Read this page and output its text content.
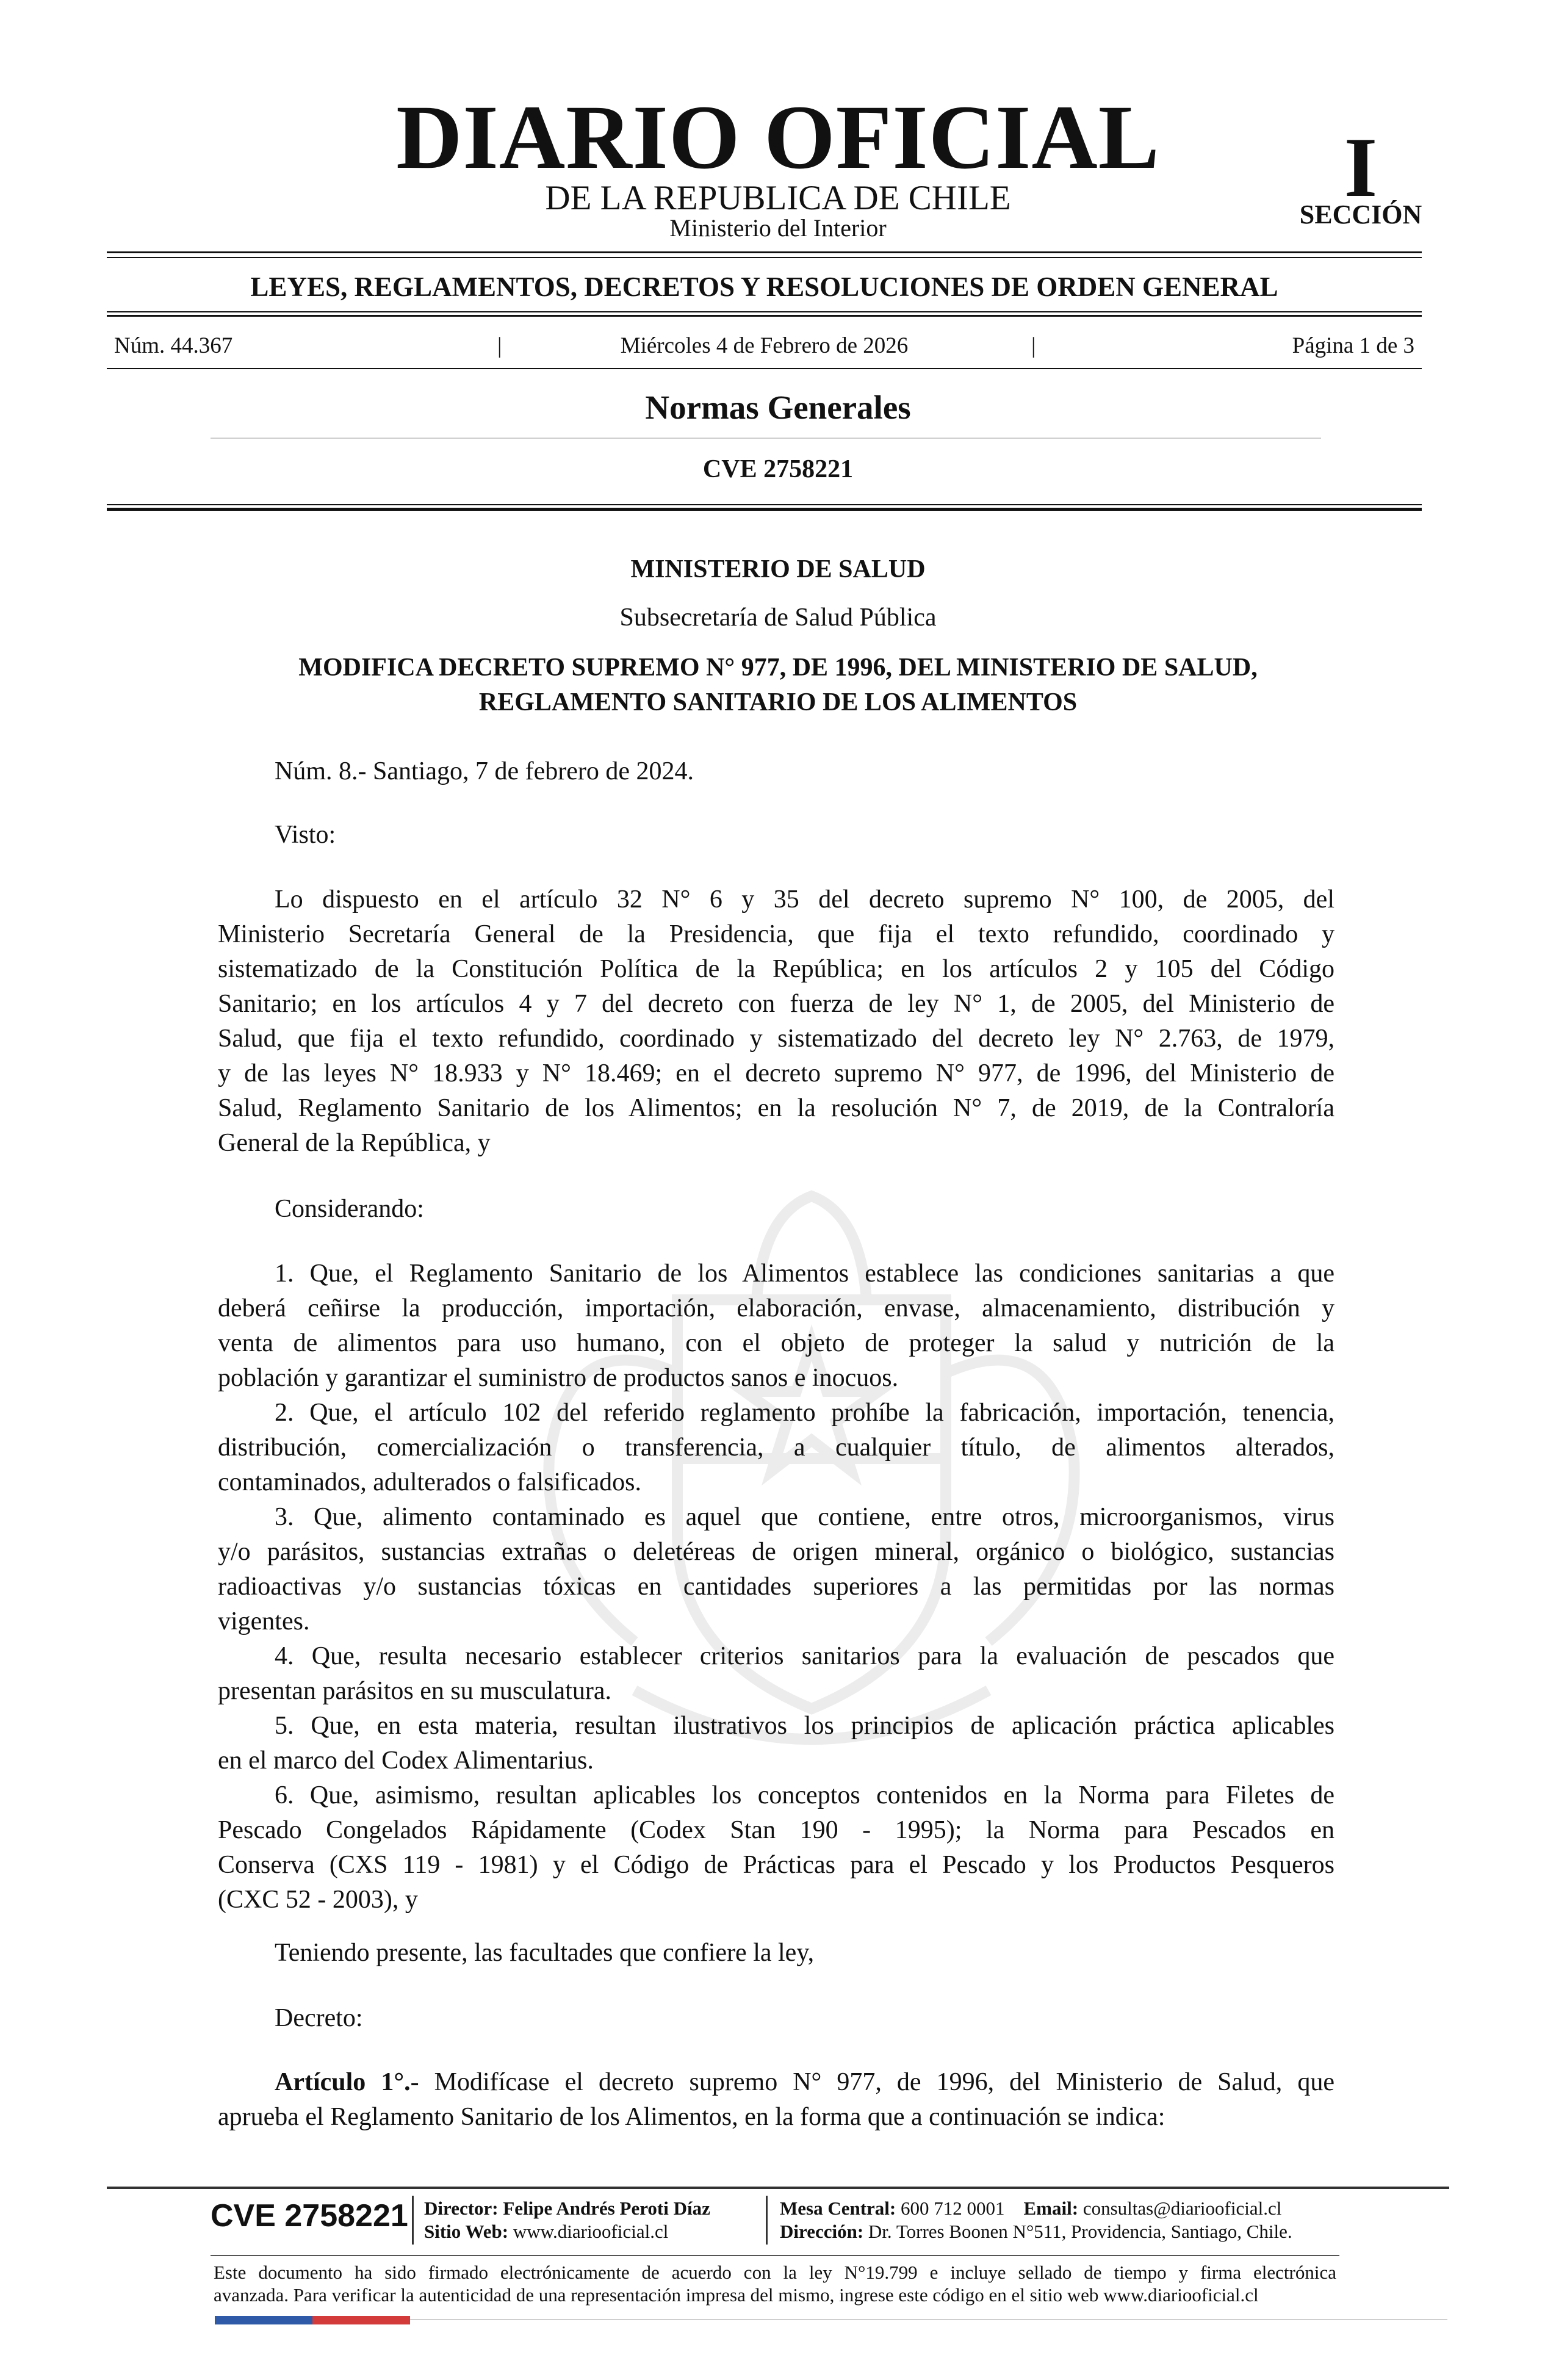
DIARIO OFICIAL
DE LA REPUBLICA DE CHILE
Ministerio del Interior
I
SECCIÓN
LEYES, REGLAMENTOS, DECRETOS Y RESOLUCIONES DE ORDEN GENERAL
Núm. 44.367	|	Miércoles 4 de Febrero de 2026	|	Página 1 de 3
Normas Generales
CVE 2758221
MINISTERIO DE SALUD
Subsecretaría de Salud Pública
MODIFICA DECRETO SUPREMO N° 977, DE 1996, DEL MINISTERIO DE SALUD,
REGLAMENTO SANITARIO DE LOS ALIMENTOS
Núm. 8.- Santiago, 7 de febrero de 2024.
Visto:
Lo dispuesto en el artículo 32 N° 6 y 35 del decreto supremo N° 100, de 2005, del
Ministerio Secretaría General de la Presidencia, que fija el texto refundido, coordinado y
sistematizado de la Constitución Política de la República; en los artículos 2 y 105 del Código
Sanitario; en los artículos 4 y 7 del decreto con fuerza de ley N° 1, de 2005, del Ministerio de
Salud, que fija el texto refundido, coordinado y sistematizado del decreto ley N° 2.763, de 1979,
y de las leyes N° 18.933 y N° 18.469; en el decreto supremo N° 977, de 1996, del Ministerio de
Salud, Reglamento Sanitario de los Alimentos; en la resolución N° 7, de 2019, de la Contraloría
General de la República, y
Considerando:
1. Que, el Reglamento Sanitario de los Alimentos establece las condiciones sanitarias a que
deberá ceñirse la producción, importación, elaboración, envase, almacenamiento, distribución y
venta de alimentos para uso humano, con el objeto de proteger la salud y nutrición de la
población y garantizar el suministro de productos sanos e inocuos.
2. Que, el artículo 102 del referido reglamento prohíbe la fabricación, importación, tenencia,
distribución, comercialización o transferencia, a cualquier título, de alimentos alterados,
contaminados, adulterados o falsificados.
3. Que, alimento contaminado es aquel que contiene, entre otros, microorganismos, virus
y/o parásitos, sustancias extrañas o deletéreas de origen mineral, orgánico o biológico, sustancias
radioactivas y/o sustancias tóxicas en cantidades superiores a las permitidas por las normas
vigentes.
4. Que, resulta necesario establecer criterios sanitarios para la evaluación de pescados que
presentan parásitos en su musculatura.
5. Que, en esta materia, resultan ilustrativos los principios de aplicación práctica aplicables
en el marco del Codex Alimentarius.
6. Que, asimismo, resultan aplicables los conceptos contenidos en la Norma para Filetes de
Pescado Congelados Rápidamente (Codex Stan 190 - 1995); la Norma para Pescados en
Conserva (CXS 119 - 1981) y el Código de Prácticas para el Pescado y los Productos Pesqueros
(CXC 52 - 2003), y
Teniendo presente, las facultades que confiere la ley,
Decreto:
Artículo 1°.- Modifícase el decreto supremo N° 977, de 1996, del Ministerio de Salud, que
aprueba el Reglamento Sanitario de los Alimentos, en la forma que a continuación se indica:
CVE 2758221 Director: Felipe Andrés Peroti Díaz
Sitio Web: www.diariooficial.cl
Mesa Central: 600 712 0001 Email: consultas@diariooficial.cl
Dirección: Dr. Torres Boonen N°511, Providencia, Santiago, Chile.
Este documento ha sido firmado electrónicamente de acuerdo con la ley N°19.799 e incluye sellado de tiempo y firma electrónica
avanzada. Para verificar la autenticidad de una representación impresa del mismo, ingrese este código en el sitio web www.diariooficial.cl
